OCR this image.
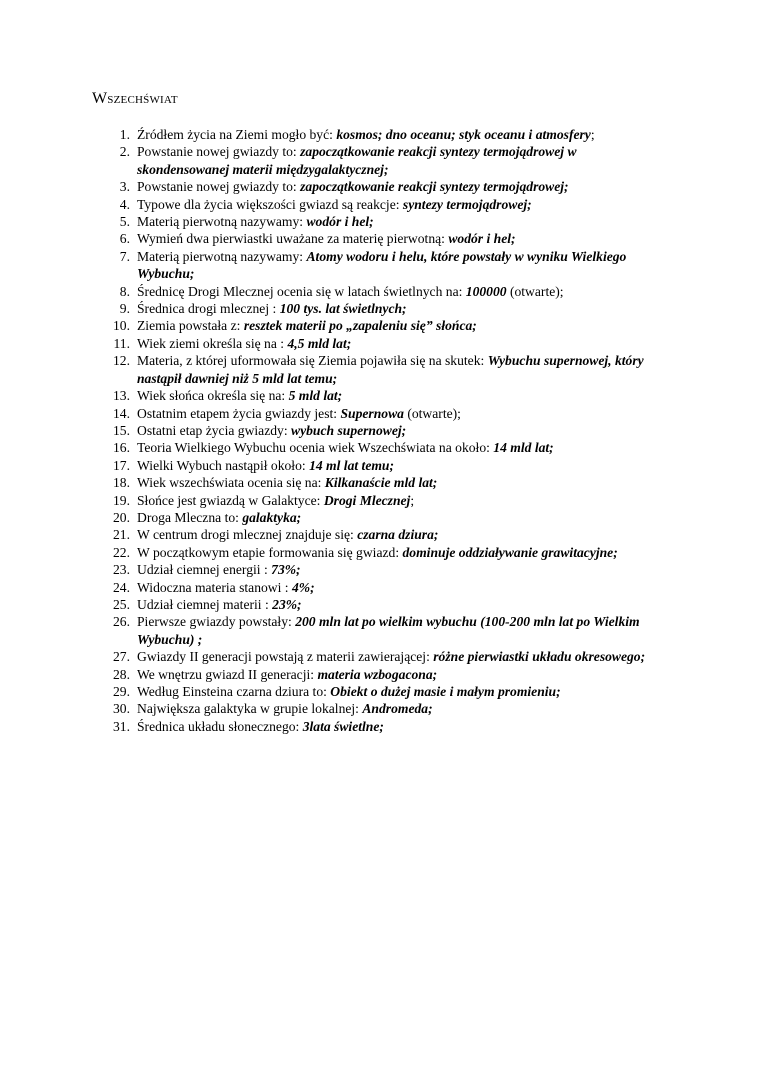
Wszechświat
1. Źródłem życia na Ziemi mogło być: kosmos; dno oceanu; styk oceanu i atmosfery;
2. Powstanie nowej gwiazdy to: zapoczątkowanie reakcji syntezy termojądrowej w skondensowanej materii międzygalaktycznej;
3. Powstanie nowej gwiazdy to: zapoczątkowanie reakcji syntezy termojądrowej;
4. Typowe dla życia większości gwiazd są reakcje: syntezy termojądrowej;
5. Materią pierwotną nazywamy: wodór i hel;
6. Wymień dwa pierwiastki uważane za materię pierwotną: wodór i hel;
7. Materią pierwotną nazywamy: Atomy wodoru i helu, które powstały w wyniku Wielkiego Wybuchu;
8. Średnicę Drogi Mlecznej ocenia się w latach świetlnych na: 100000 (otwarte);
9. Średnica drogi mlecznej : 100 tys. lat świetlnych;
10. Ziemia powstała z: resztek materii po „zapaleniu się” słońca;
11. Wiek ziemi określa się na : 4,5 mld lat;
12. Materia, z której uformowała się Ziemia pojawiła się na skutek: Wybuchu supernowej, który nastąpił dawniej niż 5 mld lat temu;
13. Wiek słońca określa się na: 5 mld lat;
14. Ostatnim etapem życia gwiazdy jest: Supernowa (otwarte);
15. Ostatni etap życia gwiazdy: wybuch supernowej;
16. Teoria Wielkiego Wybuchu ocenia wiek Wszechświata na około: 14 mld lat;
17. Wielki Wybuch nastąpił około: 14 ml lat temu;
18. Wiek wszechświata ocenia się na: Kilkanaście mld lat;
19. Słońce jest gwiazdą w Galaktyce: Drogi Mlecznej;
20. Droga Mleczna to: galaktyka;
21. W centrum drogi mlecznej znajduje się: czarna dziura;
22. W początkowym etapie formowania się gwiazd: dominuje oddziaływanie grawitacyjne;
23. Udział ciemnej energii : 73%;
24. Widoczna materia stanowi : 4%;
25. Udział ciemnej materii : 23%;
26. Pierwsze gwiazdy powstały: 200 mln lat po wielkim wybuchu (100-200 mln lat po Wielkim Wybuchu) ;
27. Gwiazdy II generacji powstają z materii zawierającej: różne pierwiastki układu okresowego;
28. We wnętrzu gwiazd II generacji: materia wzbogacona;
29. Według Einsteina czarna dziura to: Obiekt o dużej masie i małym promieniu;
30. Największa galaktyka w grupie lokalnej: Andromeda;
31. Średnica układu słonecznego: 3lata świetlne;
